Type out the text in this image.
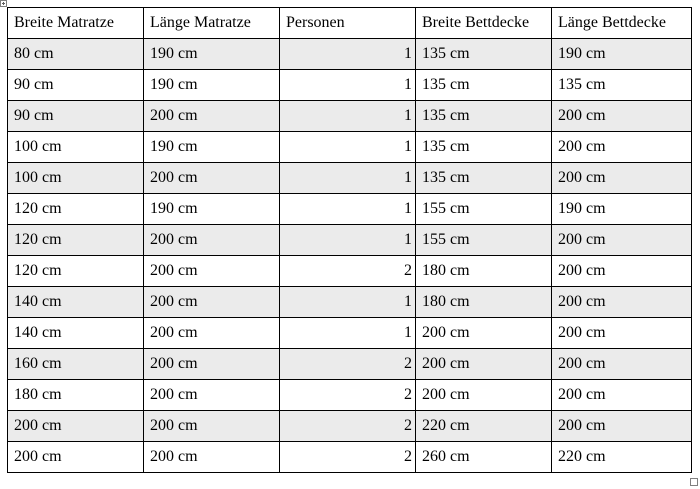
Breite Matratze	Länge Matratze	Personen	Breite Bettdecke	Länge Bettdecke
80 cm	190 cm	1	135 cm	190 cm
90 cm	190 cm	1	135 cm	135 cm
90 cm	200 cm	1	135 cm	200 cm
100 cm	190 cm	1	135 cm	200 cm
100 cm	200 cm	1	135 cm	200 cm
120 cm	190 cm	1	155 cm	190 cm
120 cm	200 cm	1	155 cm	200 cm
120 cm	200 cm	2	180 cm	200 cm
140 cm	200 cm	1	180 cm	200 cm
140 cm	200 cm	1	200 cm	200 cm
160 cm	200 cm	2	200 cm	200 cm
180 cm	200 cm	2	200 cm	200 cm
200 cm	200 cm	2	220 cm	200 cm
200 cm	200 cm	2	260 cm	220 cm
